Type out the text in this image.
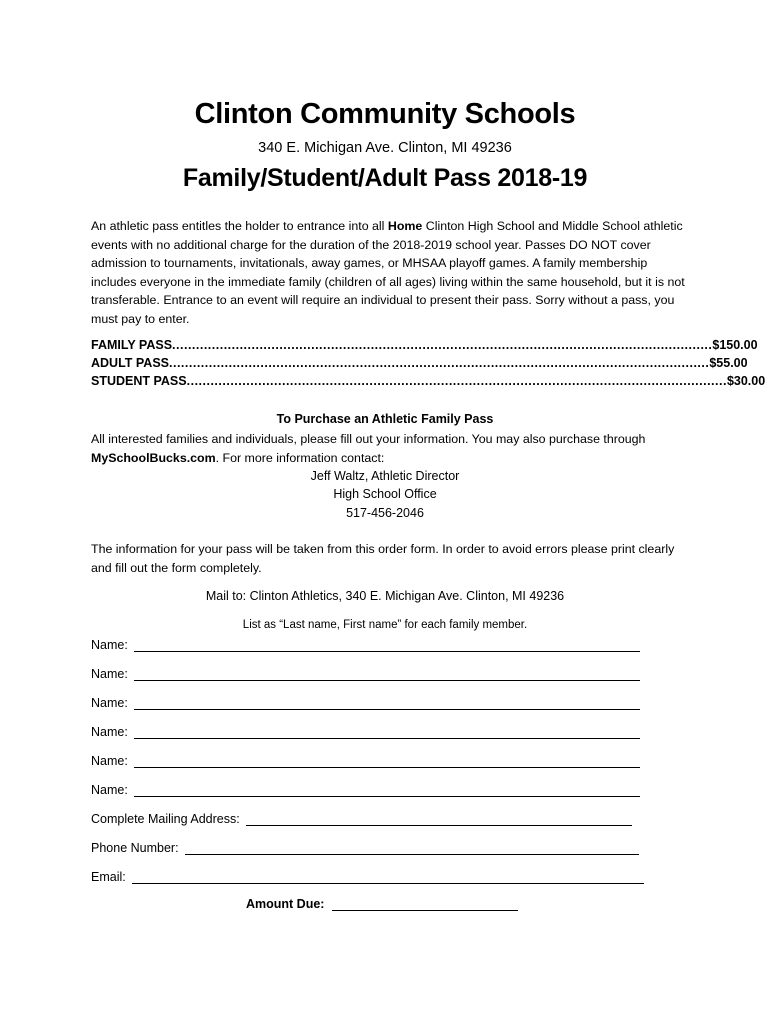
Clinton Community Schools
340 E. Michigan Ave. Clinton, MI 49236
Family/Student/Adult Pass 2018-19
An athletic pass entitles the holder to entrance into all Home Clinton High School and Middle School athletic events with no additional charge for the duration of the 2018-2019 school year. Passes DO NOT cover admission to tournaments, invitationals, away games, or MHSAA playoff games. A family membership includes everyone in the immediate family (children of all ages) living within the same household, but it is not transferable. Entrance to an event will require an individual to present their pass. Sorry without a pass, you must pay to enter.
FAMILY PASS ........................................................................................................................................ $150.00
ADULT PASS ........................................................................................................................................ $55.00
STUDENT PASS ........................................................................................................................................ $30.00
To Purchase an Athletic Family Pass
All interested families and individuals, please fill out your information. You may also purchase through MySchoolBucks.com. For more information contact:
Jeff Waltz, Athletic Director
High School Office
517-456-2046
The information for your pass will be taken from this order form. In order to avoid errors please print clearly and fill out the form completely.
Mail to: Clinton Athletics, 340 E. Michigan Ave. Clinton, MI 49236
List as “Last name, First name” for each family member.
Name:
Name:
Name:
Name:
Name:
Name:
Complete Mailing Address:
Phone Number:
Email:
Amount Due:
